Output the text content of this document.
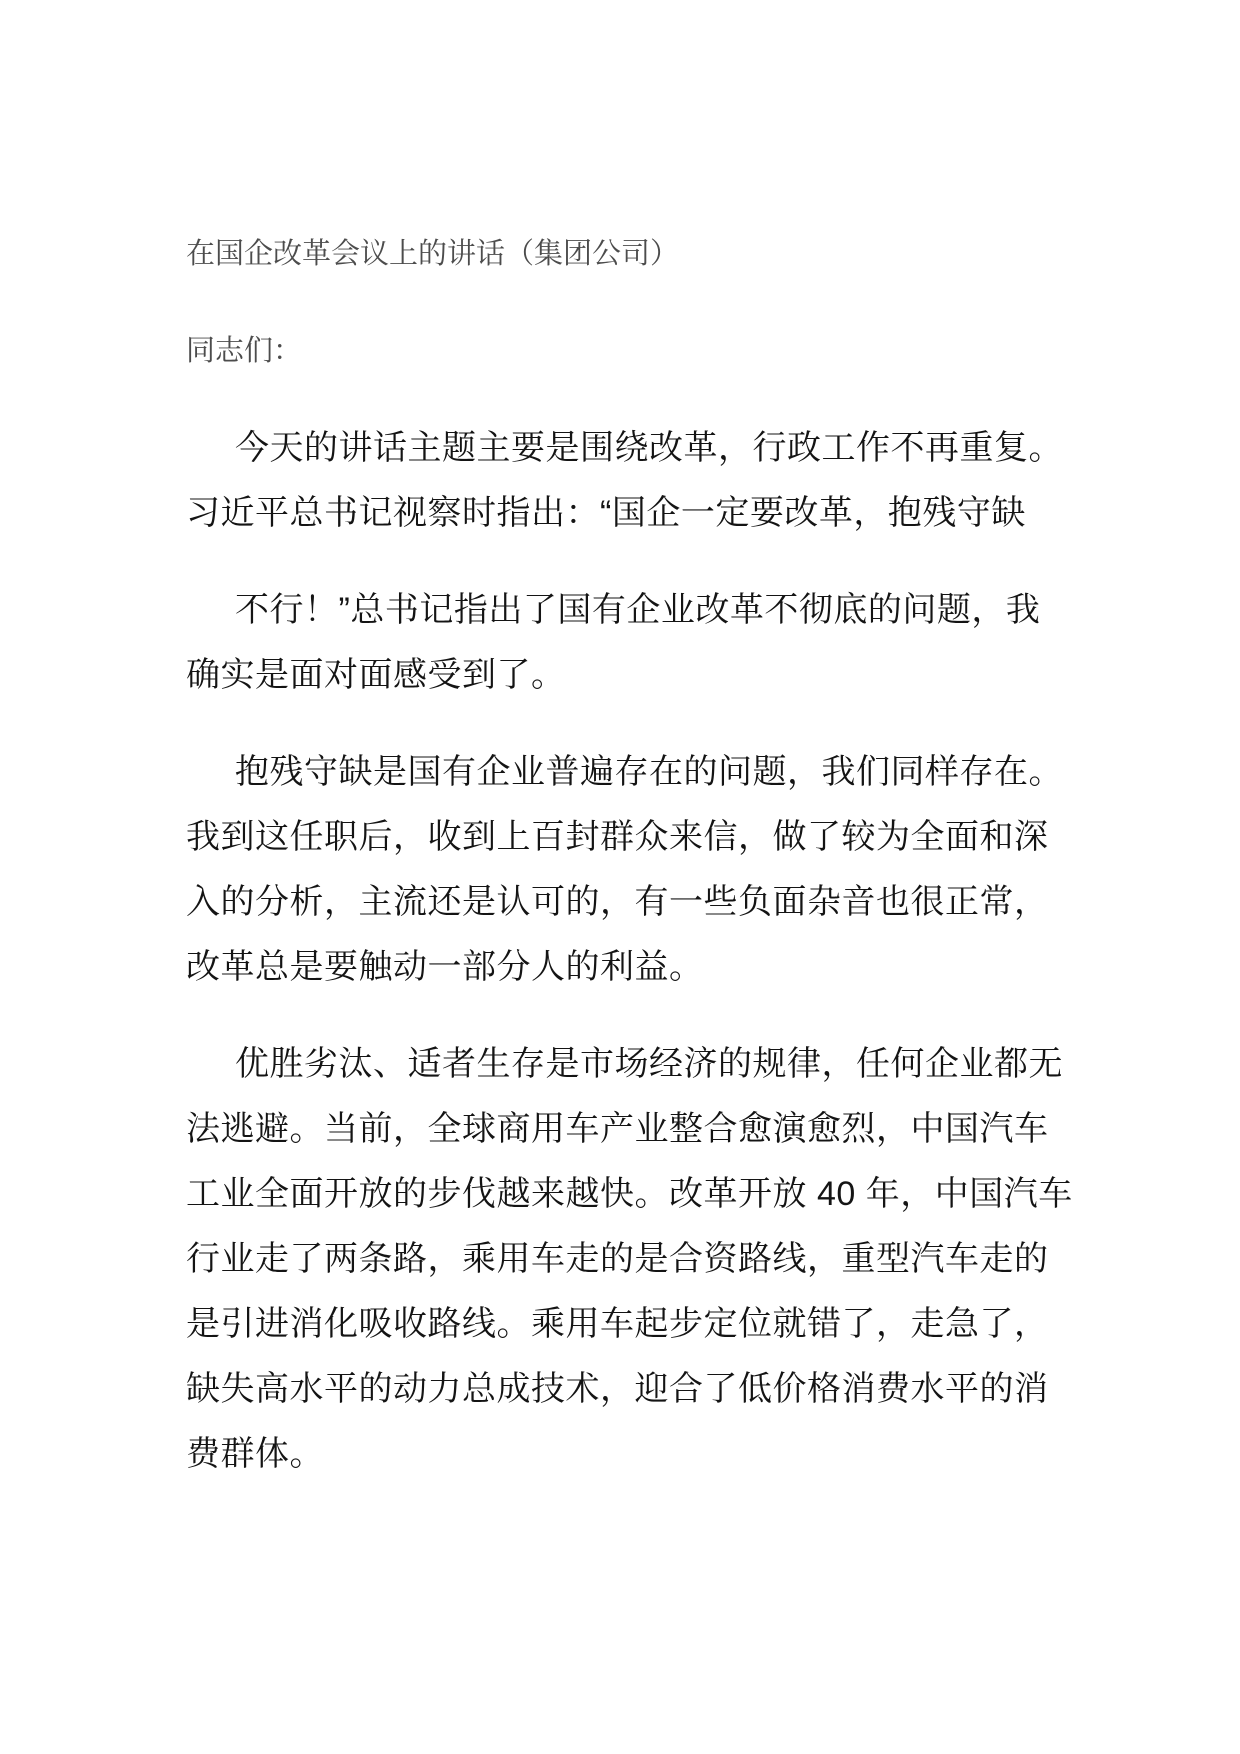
在国企改革会议上的讲话（集团公司）
同志们：
今天的讲话主题主要是围绕改革，行政工作不再重复。
习近平总书记视察时指出：“国企一定要改革，抱残守缺
不行！”总书记指出了国有企业改革不彻底的问题，我
确实是面对面感受到了。
抱残守缺是国有企业普遍存在的问题，我们同样存在。
我到这任职后，收到上百封群众来信，做了较为全面和深
入的分析，主流还是认可的，有一些负面杂音也很正常，
改革总是要触动一部分人的利益。
优胜劣汰、适者生存是市场经济的规律，任何企业都无
法逃避。当前，全球商用车产业整合愈演愈烈，中国汽车
工业全面开放的步伐越来越快。改革开放 40 年，中国汽车
行业走了两条路，乘用车走的是合资路线，重型汽车走的
是引进消化吸收路线。乘用车起步定位就错了，走急了，
缺失高水平的动力总成技术，迎合了低价格消费水平的消
费群体。
